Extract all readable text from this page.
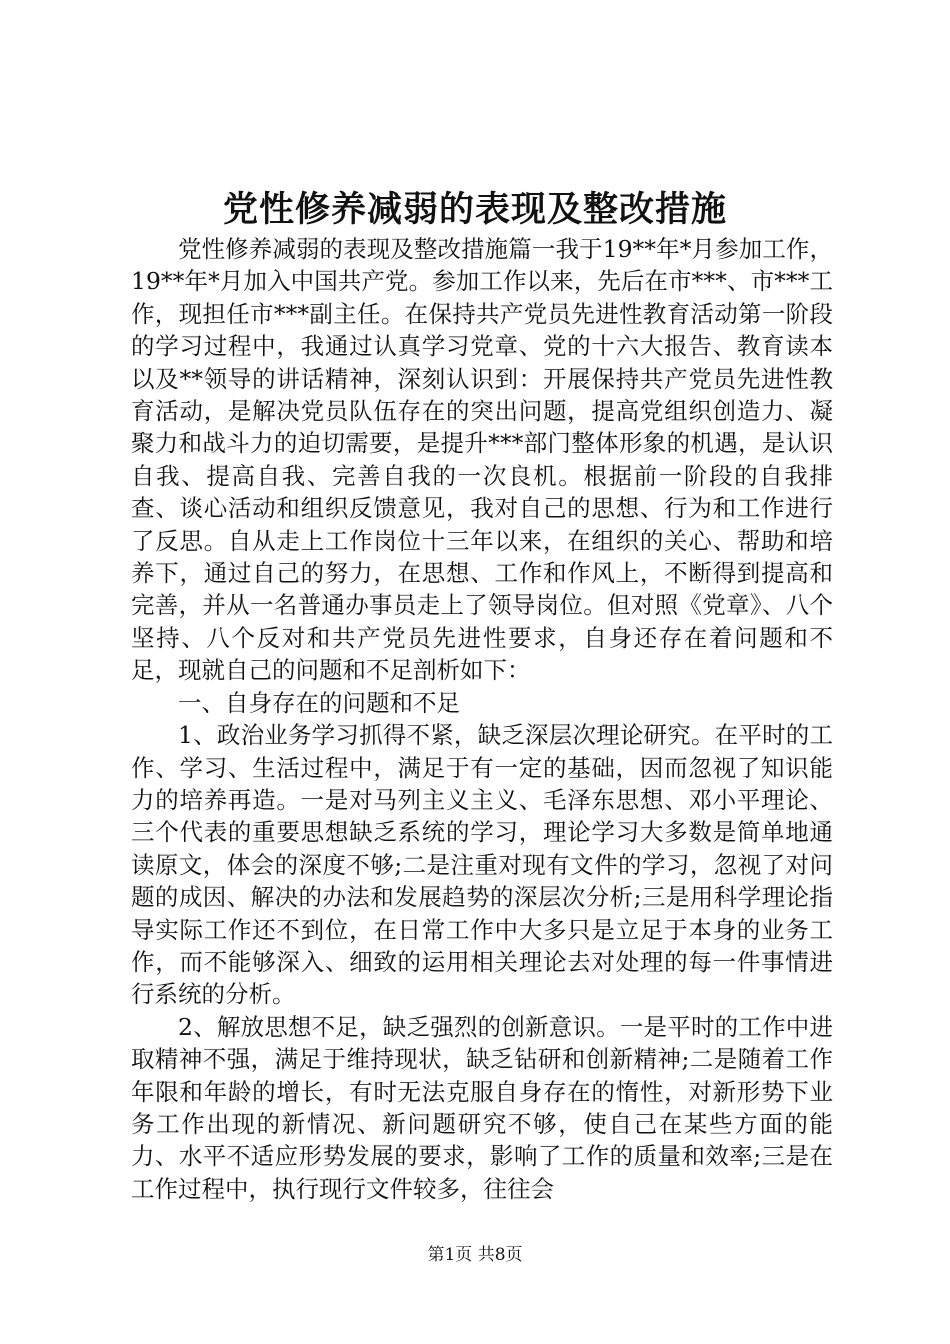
党性修养减弱的表现及整改措施

党性修养减弱的表现及整改措施篇一我于19**年*月参加工作，19**年*月加入中国共产党。参加工作以来，先后在市***、市***工作，现担任市***副主任。在保持共产党员先进性教育活动第一阶段的学习过程中，我通过认真学习党章、党的十六大报告、教育读本以及**领导的讲话精神，深刻认识到：开展保持共产党员先进性教育活动，是解决党员队伍存在的突出问题，提高党组织创造力、凝聚力和战斗力的迫切需要，是提升***部门整体形象的机遇，是认识自我、提高自我、完善自我的一次良机。根据前一阶段的自我排查、谈心活动和组织反馈意见，我对自己的思想、行为和工作进行了反思。自从走上工作岗位十三年以来，在组织的关心、帮助和培养下，通过自己的努力，在思想、工作和作风上，不断得到提高和完善，并从一名普通办事员走上了领导岗位。但对照《党章》、八个坚持、八个反对和共产党员先进性要求，自身还存在着问题和不足，现就自己的问题和不足剖析如下：

一、自身存在的问题和不足

1、政治业务学习抓得不紧，缺乏深层次理论研究。在平时的工作、学习、生活过程中，满足于有一定的基础，因而忽视了知识能力的培养再造。一是对马列主义主义、毛泽东思想、邓小平理论、三个代表的重要思想缺乏系统的学习，理论学习大多数是简单地通读原文，体会的深度不够;二是注重对现有文件的学习，忽视了对问题的成因、解决的办法和发展趋势的深层次分析;三是用科学理论指导实际工作还不到位，在日常工作中大多只是立足于本身的业务工作，而不能够深入、细致的运用相关理论去对处理的每一件事情进行系统的分析。

2、解放思想不足，缺乏强烈的创新意识。一是平时的工作中进取精神不强，满足于维持现状，缺乏钻研和创新精神;二是随着工作年限和年龄的增长，有时无法克服自身存在的惰性，对新形势下业务工作出现的新情况、新问题研究不够，使自己在某些方面的能力、水平不适应形势发展的要求，影响了工作的质量和效率;三是在工作过程中，执行现行文件较多，往往会

第1页 共8页
